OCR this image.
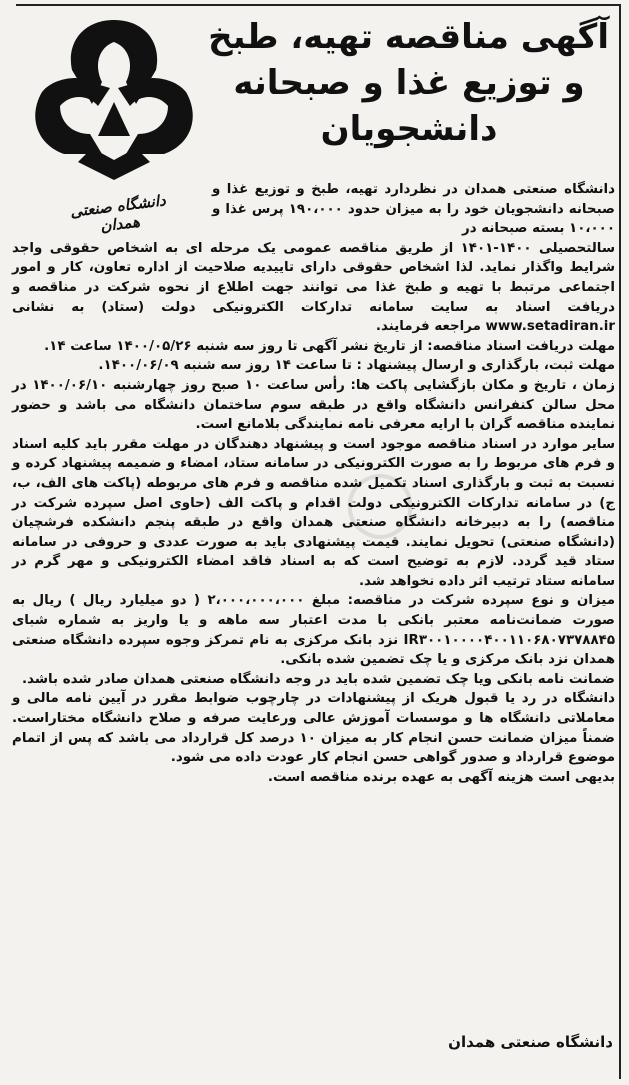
آگهی مناقصه تهیه، طبخ
و توزیع غذا و صبحانه
دانشجویان
دانشگاه صنعتی همدان
◯

دانشگاه صنعتی همدان در نظردارد تهیه، طبخ و توزیع غذا و صبحانه دانشجویان خود را به میزان حدود ۱۹۰،۰۰۰ پرس غذا و ۱۰،۰۰۰ بسته صبحانه در

سالتحصیلی ۱۴۰۰-۱۴۰۱ از طریق مناقصه عمومی یک مرحله ای به اشخاص حقوقی واجد شرایط واگذار نماید. لذا اشخاص حقوقی دارای تاییدیه صلاحیت از اداره تعاون، کار و امور اجتماعی مرتبط با تهیه و طبخ غذا می توانند جهت اطلاع از نحوه شرکت در مناقصه و دریافت اسناد به سایت سامانه تدارکات الکترونیکی دولت (ستاد) به نشانی www.setadiran.ir مراجعه فرمایند.

مهلت دریافت اسناد مناقصه: از تاریخ نشر آگهی تا روز سه شنبه ۱۴۰۰/۰۵/۲۶ ساعت ۱۴.

مهلت ثبت، بارگذاری و ارسال پیشنهاد : تا ساعت ۱۴ روز سه شنبه ۱۴۰۰/۰۶/۰۹.

زمان ، تاریخ و مکان بازگشایی پاکت ها: رأس ساعت ۱۰ صبح روز چهارشنبه ۱۴۰۰/۰۶/۱۰ در محل سالن کنفرانس دانشگاه واقع در طبقه سوم ساختمان دانشگاه می باشد و حضور نماینده مناقصه گران با ارایه معرفی نامه نمایندگی بلامانع است.

سایر موارد در اسناد مناقصه موجود است و پیشنهاد دهندگان در مهلت مقرر باید کلیه اسناد و فرم های مربوط را به صورت الکترونیکی در سامانه ستاد، امضاء و ضمیمه پیشنهاد کرده و نسبت به ثبت و بارگذاری اسناد تکمیل شده مناقصه و فرم های مربوطه (پاکت های الف، ب، ج) در سامانه تدارکات الکترونیکی دولت اقدام و پاکت الف (حاوی اصل سپرده شرکت در مناقصه) را به دبیرخانه دانشگاه صنعتی همدان واقع در طبقه پنجم دانشکده فرشچیان (دانشگاه صنعتی) تحویل نمایند. قیمت پیشنهادی باید به صورت عددی و حروفی در سامانه ستاد قید گردد. لازم به توضیح است که به اسناد فاقد امضاء الکترونیکی و مهر گرم در سامانه ستاد ترتیب اثر داده نخواهد شد.

میزان و نوع سپرده شرکت در مناقصه: مبلغ ۲،۰۰۰،۰۰۰،۰۰۰ ( دو میلیارد ریال ) ریال به صورت ضمانت‌نامه معتبر بانکی با مدت اعتبار سه ماهه و یا واریز به شماره شبای IR۳۰۰۱۰۰۰۰۴۰۰۱۱۰۶۸۰۷۳۷۸۸۴۵ نزد بانک مرکزی به نام تمرکز وجوه سپرده دانشگاه صنعتی همدان نزد بانک مرکزی و یا چک تضمین شده بانکی.

ضمانت نامه بانکی ویا چک تضمین شده باید در وجه دانشگاه صنعتی همدان صادر شده باشد.

دانشگاه در رد یا قبول هریک از پیشنهادات در چارچوب ضوابط مقرر در آیین نامه مالی و معاملاتی دانشگاه ها و موسسات آموزش عالی ورعایت صرفه و صلاح دانشگاه مختاراست. ضمناً میزان ضمانت حسن انجام کار به میزان ۱۰ درصد کل قرارداد می باشد که پس از اتمام موضوع قرارداد و صدور گواهی حسن انجام کار عودت داده می شود.

بدیهی است هزینه آگهی به عهده برنده مناقصه است.

دانشگاه صنعتی همدان
